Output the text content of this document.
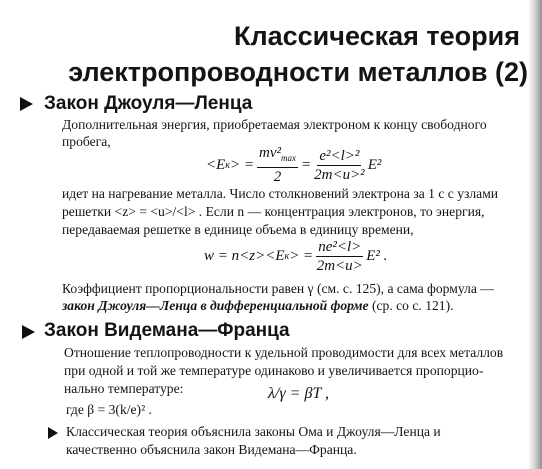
Классическая теория
электропроводности металлов (2)
Закон Джоуля—Ленца
Дополнительная энергия, приобретаемая электроном к концу свободного
пробега,
<E к > = $\frac{mv^2_{max}}{2} = \frac{\text{e²<l>²}}{\text{2m<u>²}} E^2$
идет на нагревание металла. Число столкновений электрона за 1 с с узлами
решетки <z> = <u>/<l> . Если n — концентрация электронов, то энергия,
передаваемая решетке в единице объема в единицу времени,
w = n<z><E к > = $\frac{\text{ne²<l>}}{2m<u>} E^2$ .
Коэффициент пропорциональности равен γ (см. с. 125), а сама формула —
закон Джоуля—Ленца в дифференциальной форме (ср. со с. 121).
Закон Видемана—Франца
Отношение теплопроводности к удельной проводимости для всех металлов
при одной и той же температуре одинаково и увеличивается пропорцио-
нально температуре:	λ/γ = βT ,
где β = 3(k/e)² .
Классическая теория объяснила законы Ома и Джоуля—Ленца и
качественно объяснила закон Видемана—Франца.
